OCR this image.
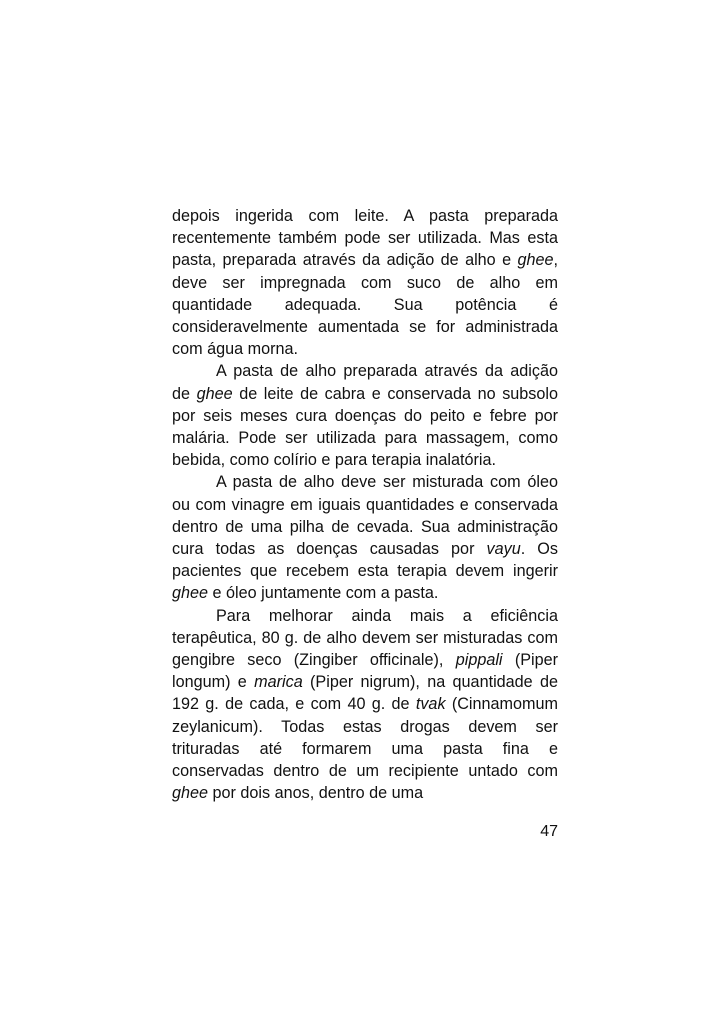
depois ingerida com leite. A pasta preparada recentemente também pode ser utilizada. Mas esta pasta, preparada através da adição de alho e ghee, deve ser impregnada com suco de alho em quantidade adequada. Sua potência é consideravelmente aumentada se for administrada com água morna.

A pasta de alho preparada através da adição de ghee de leite de cabra e conservada no subsolo por seis meses cura doenças do peito e febre por malária. Pode ser utilizada para massagem, como bebida, como colírio e para terapia inalatória.

A pasta de alho deve ser misturada com óleo ou com vinagre em iguais quantidades e conservada dentro de uma pilha de cevada. Sua administração cura todas as doenças causadas por vayu. Os pacientes que recebem esta terapia devem ingerir ghee e óleo juntamente com a pasta.

Para melhorar ainda mais a eficiência terapêutica, 80 g. de alho devem ser misturadas com gengibre seco (Zingiber officinale), pippali (Piper longum) e marica (Piper nigrum), na quantidade de 192 g. de cada, e com 40 g. de tvak (Cinnamomum zeylanicum). Todas estas drogas devem ser trituradas até formarem uma pasta fina e conservadas dentro de um recipiente untado com ghee por dois anos, dentro de uma

47
